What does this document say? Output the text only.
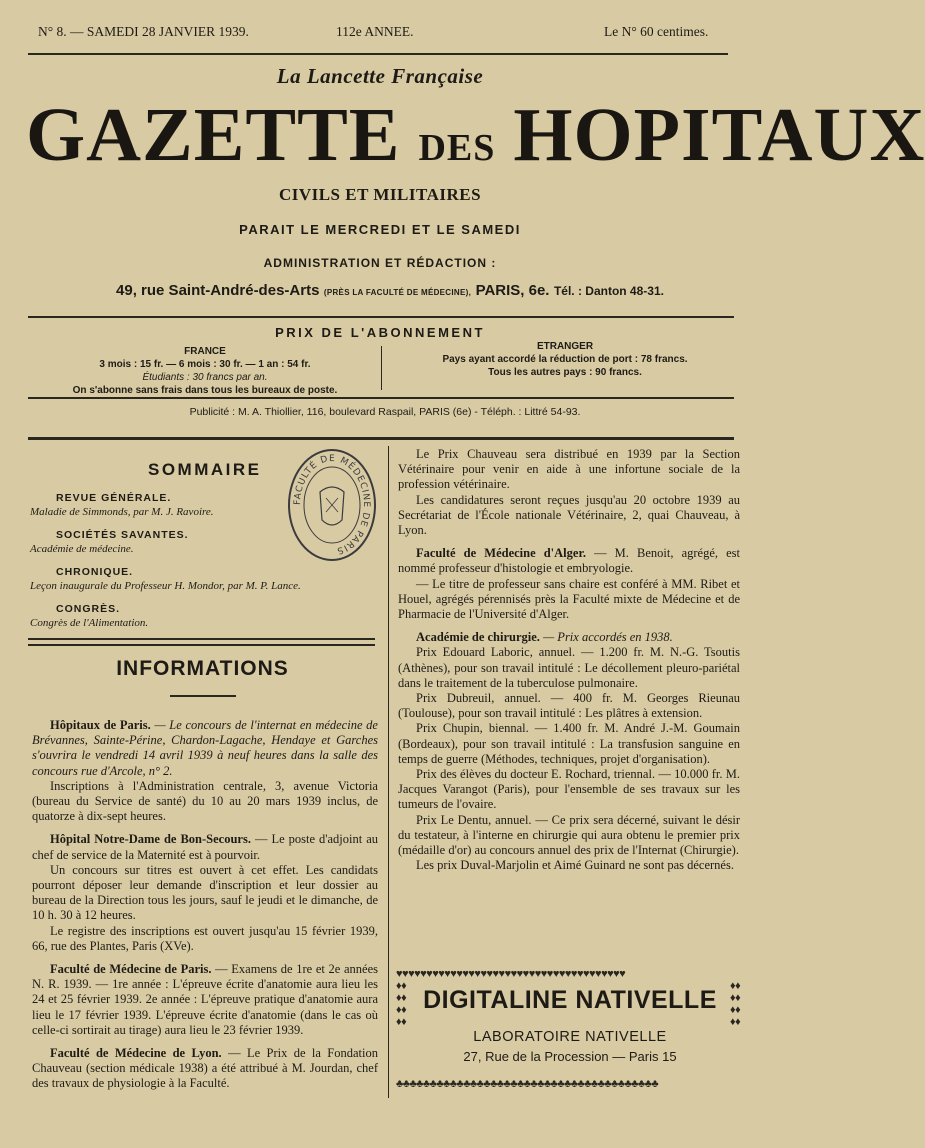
N° 8. — SAMEDI 28 JANVIER 1939.	112e ANNEE.	Le N° 60 centimes.
La Lancette Française
GAZETTE DES HOPITAUX
CIVILS ET MILITAIRES
PARAIT LE MERCREDI ET LE SAMEDI
ADMINISTRATION ET RÉDACTION :
49, rue Saint-André-des-Arts (PRÈS LA FACULTÉ DE MÉDECINE), PARIS, 6e. Tél. : Danton 48-31.
PRIX DE L'ABONNEMENT
FRANCE
3 mois : 15 fr. — 6 mois : 30 fr. — 1 an : 54 fr.
Étudiants : 30 francs par an.
On s'abonne sans frais dans tous les bureaux de poste.
ETRANGER
Pays ayant accordé la réduction de port : 78 francs.
Tous les autres pays : 90 francs.
Publicité : M. A. Thiollier, 116, boulevard Raspail, PARIS (6e) - Téléph. : Littré 54-93.
SOMMAIRE
REVUE GÉNÉRALE.
Maladie de Simmonds, par M. J. Ravoire.
SOCIÉTÉS SAVANTES.
Académie de médecine.
CHRONIQUE.
Leçon inaugurale du Professeur H. Mondor, par M. P. Lance.
CONGRÈS.
Congrès de l'Alimentation.
FACULTÉ DE MÉDECINE DE PARIS
INFORMATIONS

Hôpitaux de Paris. — Le concours de l'internat en médecine de Brévannes, Sainte-Périne, Chardon-Lagache, Hendaye et Garches s'ouvrira le vendredi 14 avril 1939 à neuf heures dans la salle des concours rue d'Arcole, n° 2.

Inscriptions à l'Administration centrale, 3, avenue Victoria (bureau du Service de santé) du 10 au 20 mars 1939 inclus, de quatorze à dix-sept heures.

Hôpital Notre-Dame de Bon-Secours. — Le poste d'adjoint au chef de service de la Maternité est à pourvoir.

Un concours sur titres est ouvert à cet effet. Les candidats pourront déposer leur demande d'inscription et leur dossier au bureau de la Direction tous les jours, sauf le jeudi et le dimanche, de 10 h. 30 à 12 heures.

Le registre des inscriptions est ouvert jusqu'au 15 février 1939, 66, rue des Plantes, Paris (XVe).

Faculté de Médecine de Paris. — Examens de 1re et 2e années N. R. 1939. — 1re année : L'épreuve écrite d'anatomie aura lieu les 24 et 25 février 1939. 2e année : L'épreuve pratique d'anatomie aura lieu le 17 février 1939. L'épreuve écrite d'anatomie (dans le cas où celle-ci sortirait au tirage) aura lieu le 23 février 1939.

Faculté de Médecine de Lyon. — Le Prix de la Fondation Chauveau (section médicale 1938) a été attribué à M. Jourdan, chef des travaux de physiologie à la Faculté.

Le Prix Chauveau sera distribué en 1939 par la Section Vétérinaire pour venir en aide à une infortune sociale de la profession vétérinaire.

Les candidatures seront reçues jusqu'au 20 octobre 1939 au Secrétariat de l'École nationale Vétérinaire, 2, quai Chauveau, à Lyon.

Faculté de Médecine d'Alger. — M. Benoit, agrégé, est nommé professeur d'histologie et embryologie.

— Le titre de professeur sans chaire est conféré à MM. Ribet et Houel, agrégés pérennisés près la Faculté mixte de Médecine et de Pharmacie de l'Université d'Alger.

Académie de chirurgie. — Prix accordés en 1938.

Prix Edouard Laboric, annuel. — 1.200 fr. M. N.-G. Tsoutis (Athènes), pour son travail intitulé : Le décollement pleuro-pariétal dans le traitement de la tuberculose pulmonaire.

Prix Dubreuil, annuel. — 400 fr. M. Georges Rieunau (Toulouse), pour son travail intitulé : Les plâtres à extension.

Prix Chupin, biennal. — 1.400 fr. M. André J.-M. Goumain (Bordeaux), pour son travail intitulé : La transfusion sanguine en temps de guerre (Méthodes, techniques, projet d'organisation).

Prix des élèves du docteur E. Rochard, triennal. — 10.000 fr. M. Jacques Varangot (Paris), pour l'ensemble de ses travaux sur les tumeurs de l'ovaire.

Prix Le Dentu, annuel. — Ce prix sera décerné, suivant le désir du testateur, à l'interne en chirurgie qui aura obtenu le premier prix (médaille d'or) au concours annuel des prix de l'Internat (Chirurgie).

Les prix Duval-Marjolin et Aimé Guinard ne sont pas décernés.

♥♥♥♥♥♥♥♥♥♥♥♥♥♥♥♥♥♥♥♥♥♥♥♥♥♥♥♥♥♥♥♥♥♥♥♥♥♥
♣♣♣♣♣♣♣♣♣♣♣♣♣♣♣♣♣♣♣♣♣♣♣♣♣♣♣♣♣♣♣♣♣♣♣♣♣♣♣
♦♦♦♦♦♦♦♦
♦♦♦♦♦♦♦♦
DIGITALINE NATIVELLE
LABORATOIRE NATIVELLE
27, Rue de la Procession — Paris 15
